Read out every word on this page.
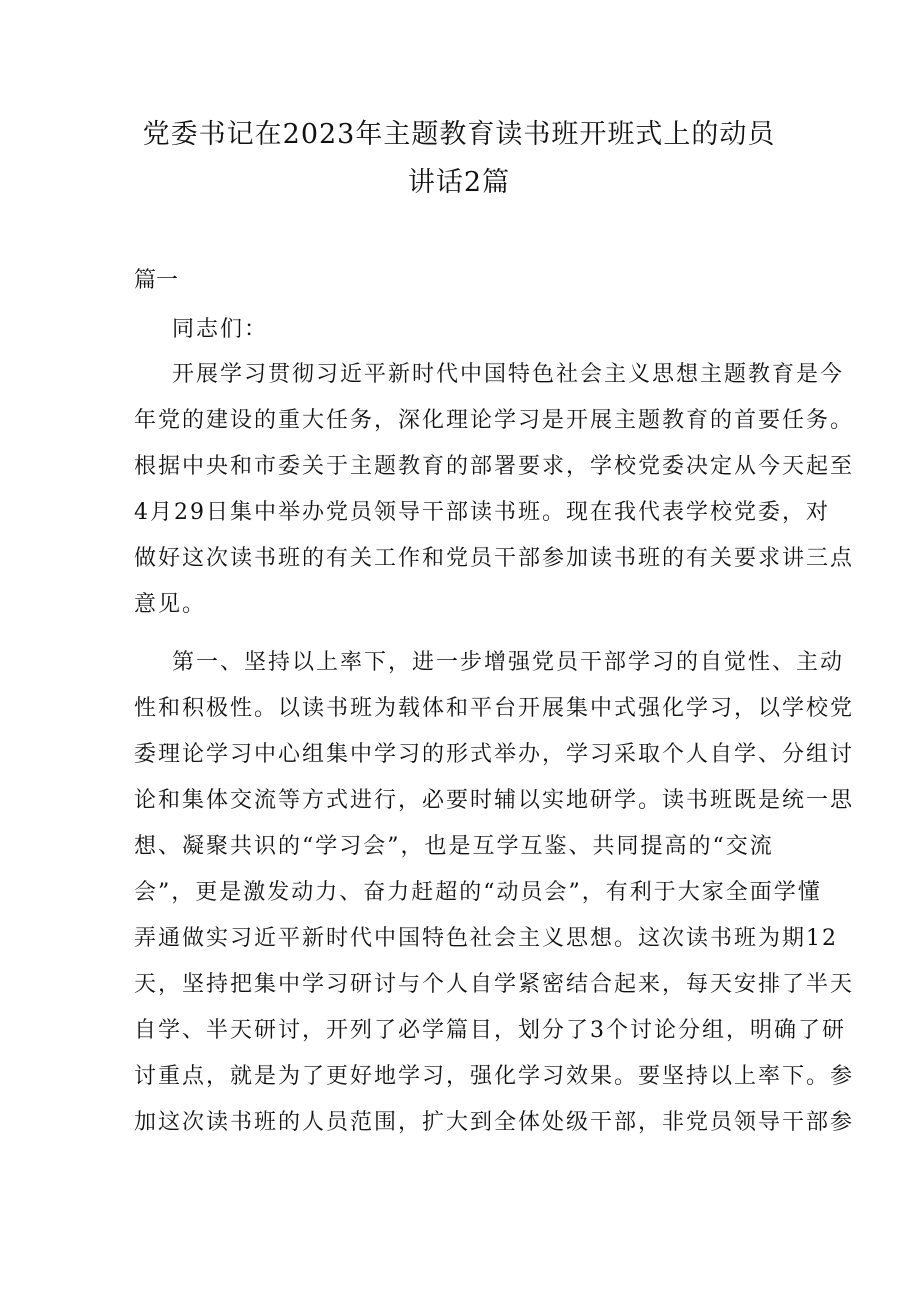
党委书记在2023年主题教育读书班开班式上的动员
讲话2篇
篇一
同志们：
开展学习贯彻习近平新时代中国特色社会主义思想主题教育是今
年党的建设的重大任务，深化理论学习是开展主题教育的首要任务。
根据中央和市委关于主题教育的部署要求，学校党委决定从今天起至
4月29日集中举办党员领导干部读书班。现在我代表学校党委，对
做好这次读书班的有关工作和党员干部参加读书班的有关要求讲三点
意见。
第一、坚持以上率下，进一步增强党员干部学习的自觉性、主动
性和积极性。以读书班为载体和平台开展集中式强化学习，以学校党
委理论学习中心组集中学习的形式举办，学习采取个人自学、分组讨
论和集体交流等方式进行，必要时辅以实地研学。读书班既是统一思
想、凝聚共识的“学习会”，也是互学互鉴、共同提高的“交流
会”，更是激发动力、奋力赶超的“动员会”，有利于大家全面学懂
弄通做实习近平新时代中国特色社会主义思想。这次读书班为期12
天，坚持把集中学习研讨与个人自学紧密结合起来，每天安排了半天
自学、半天研讨，开列了必学篇目，划分了3个讨论分组，明确了研
讨重点，就是为了更好地学习，强化学习效果。要坚持以上率下。参
加这次读书班的人员范围，扩大到全体处级干部，非党员领导干部参
